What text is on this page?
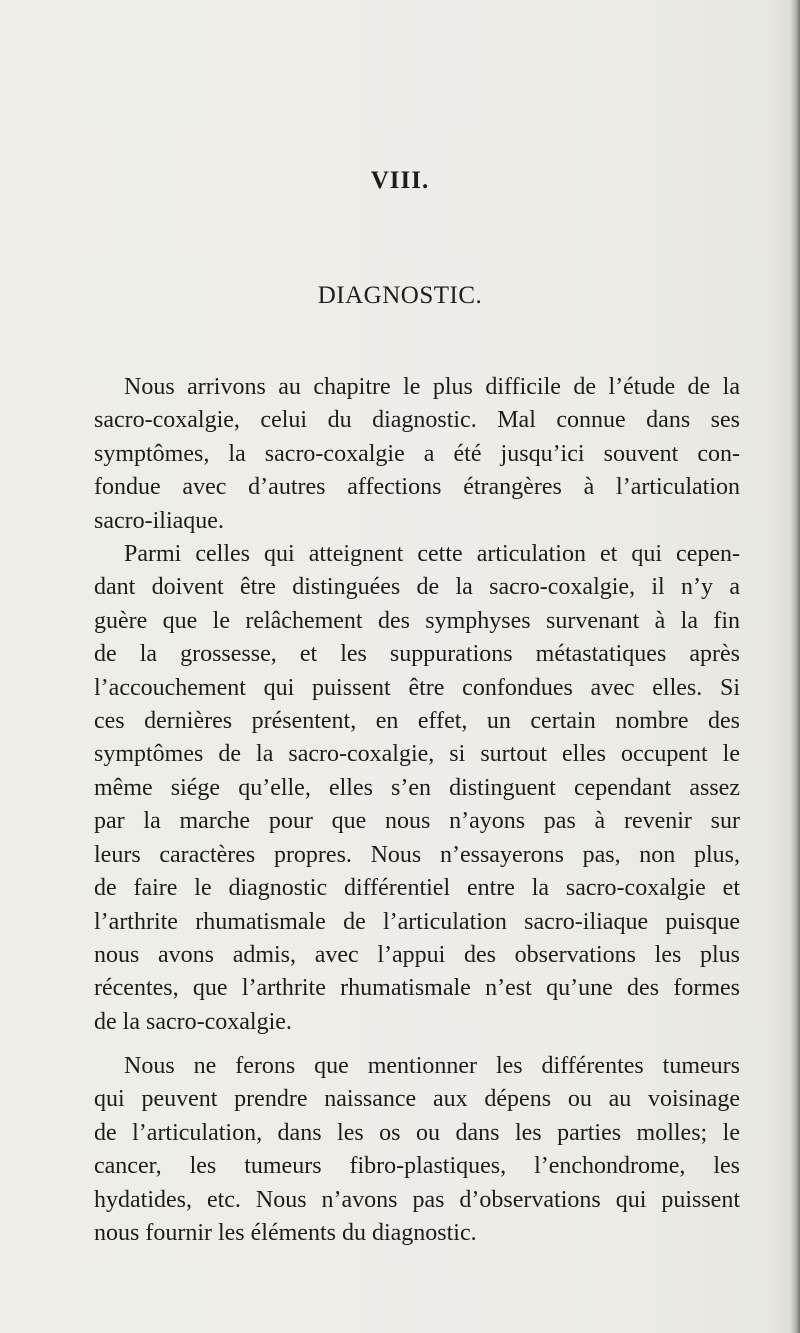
VIII.
DIAGNOSTIC.
Nous arrivons au chapitre le plus difficile de l’étude de la
sacro-coxalgie, celui du diagnostic. Mal connue dans ses
symptômes, la sacro-coxalgie a été jusqu’ici souvent con-
fondue avec d’autres affections étrangères à l’articulation
sacro-iliaque.
Parmi celles qui atteignent cette articulation et qui cepen-
dant doivent être distinguées de la sacro-coxalgie, il n’y a
guère que le relâchement des symphyses survenant à la fin
de la grossesse, et les suppurations métastatiques après
l’accouchement qui puissent être confondues avec elles. Si
ces dernières présentent, en effet, un certain nombre des
symptômes de la sacro-coxalgie, si surtout elles occupent le
même siége qu’elle, elles s’en distinguent cependant assez
par la marche pour que nous n’ayons pas à revenir sur
leurs caractères propres. Nous n’essayerons pas, non plus,
de faire le diagnostic différentiel entre la sacro-coxalgie et
l’arthrite rhumatismale de l’articulation sacro-iliaque puisque
nous avons admis, avec l’appui des observations les plus
récentes, que l’arthrite rhumatismale n’est qu’une des formes
de la sacro-coxalgie.
Nous ne ferons que mentionner les différentes tumeurs
qui peuvent prendre naissance aux dépens ou au voisinage
de l’articulation, dans les os ou dans les parties molles; le
cancer, les tumeurs fibro-plastiques, l’enchondrome, les
hydatides, etc. Nous n’avons pas d’observations qui puissent
nous fournir les éléments du diagnostic.
